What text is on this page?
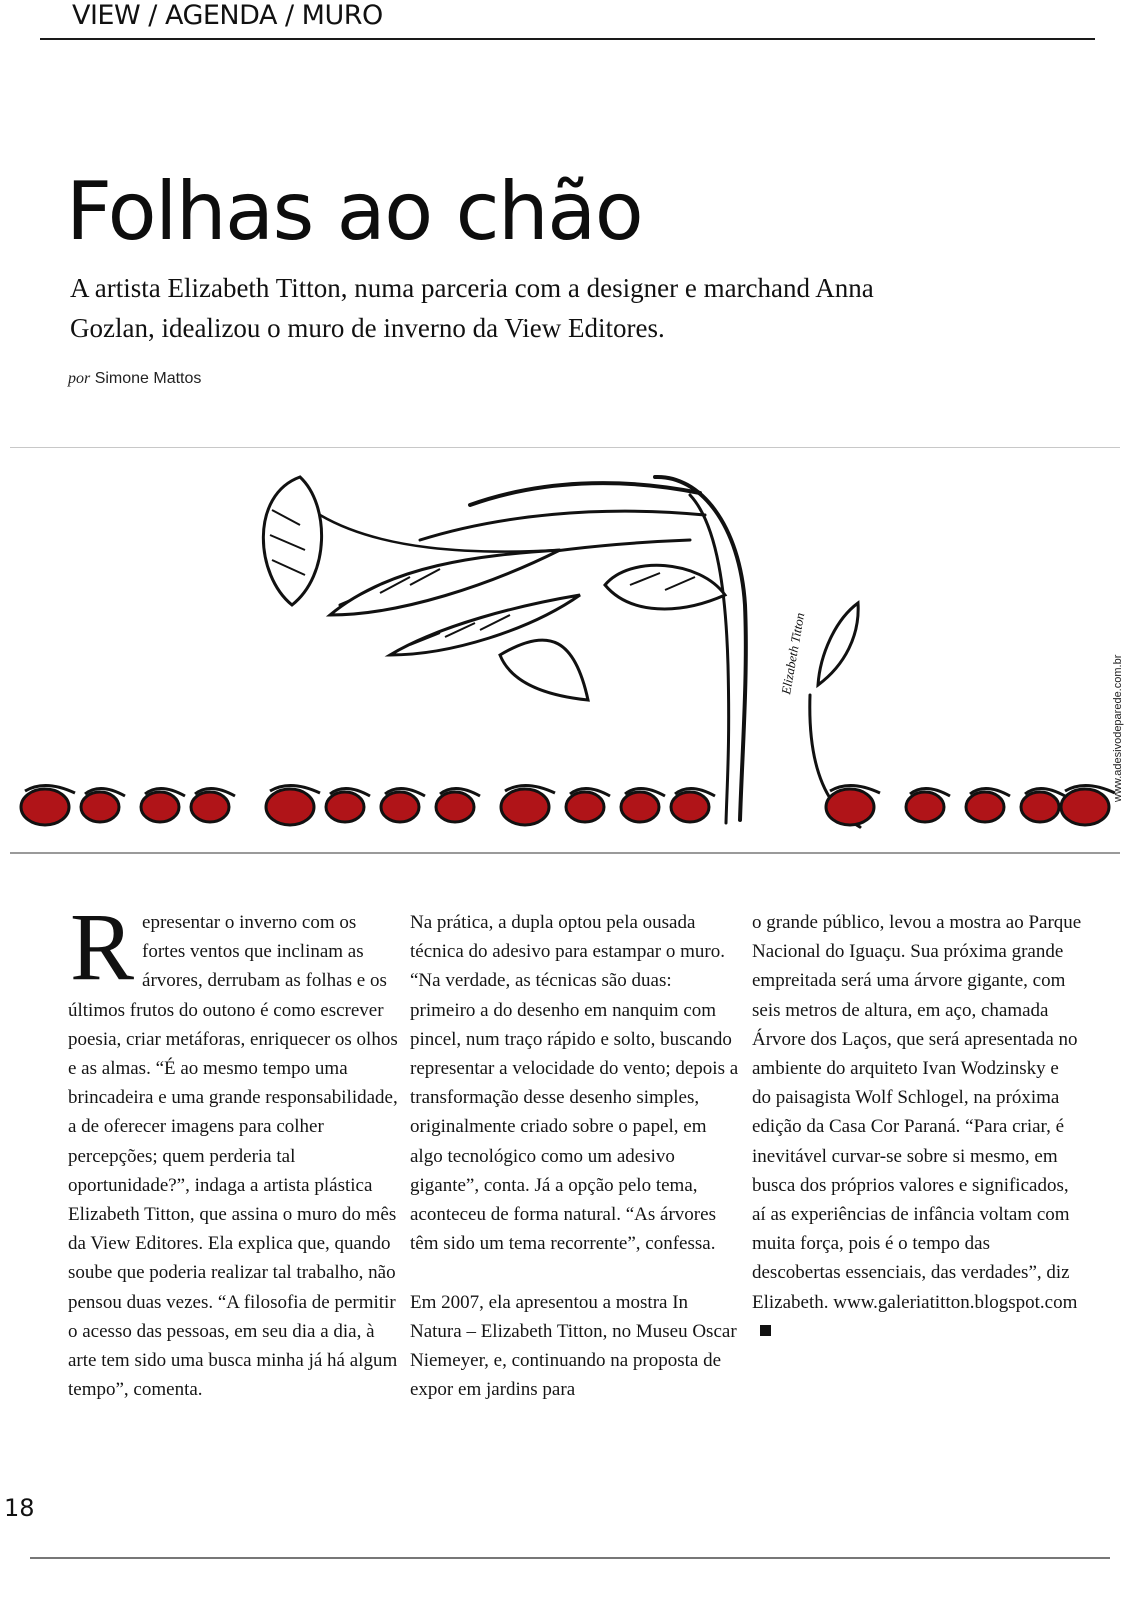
VIEW / AGENDA / MURO
Folhas ao chão

A artista Elizabeth Titton, numa parceria com a designer e marchand Anna Gozlan, idealizou o muro de inverno da View Editores.

por Simone Mattos

Elizabeth Titton
www.adesivodeparede.com.br

Representar o inverno com os fortes ventos que inclinam as árvores, derrubam as folhas e os últimos frutos do outono é como escrever poesia, criar metáforas, enriquecer os olhos e as almas. “É ao mesmo tempo uma brincadeira e uma grande responsabilidade, a de oferecer imagens para colher percepções; quem perderia tal oportunidade?”, indaga a artista plástica Elizabeth Titton, que assina o muro do mês da View Editores. Ela explica que, quando soube que poderia realizar tal trabalho, não pensou duas vezes. “A filosofia de permitir o acesso das pessoas, em seu dia a dia, à arte tem sido uma busca minha já há algum tempo”, comenta.

Na prática, a dupla optou pela ousada técnica do adesivo para estampar o muro. “Na verdade, as técnicas são duas: primeiro a do desenho em nanquim com pincel, num traço rápido e solto, buscando representar a velocidade do vento; depois a transformação desse desenho simples, originalmente criado sobre o papel, em algo tecnológico como um adesivo gigante”, conta. Já a opção pelo tema, aconteceu de forma natural. “As árvores têm sido um tema recorrente”, confessa.

Em 2007, ela apresentou a mostra In Natura – Elizabeth Titton, no Museu Oscar Niemeyer, e, continuando na proposta de expor em jardins para

o grande público, levou a mostra ao Parque Nacional do Iguaçu. Sua próxima grande empreitada será uma árvore gigante, com seis metros de altura, em aço, chamada Árvore dos Laços, que será apresentada no ambiente do arquiteto Ivan Wodzinsky e do paisagista Wolf Schlogel, na próxima edição da Casa Cor Paraná. “Para criar, é inevitável curvar-se sobre si mesmo, em busca dos próprios valores e significados, aí as experiências de infância voltam com muita força, pois é o tempo das descobertas essenciais, das verdades”, diz Elizabeth. www.galeriatitton.blogspot.com

18
